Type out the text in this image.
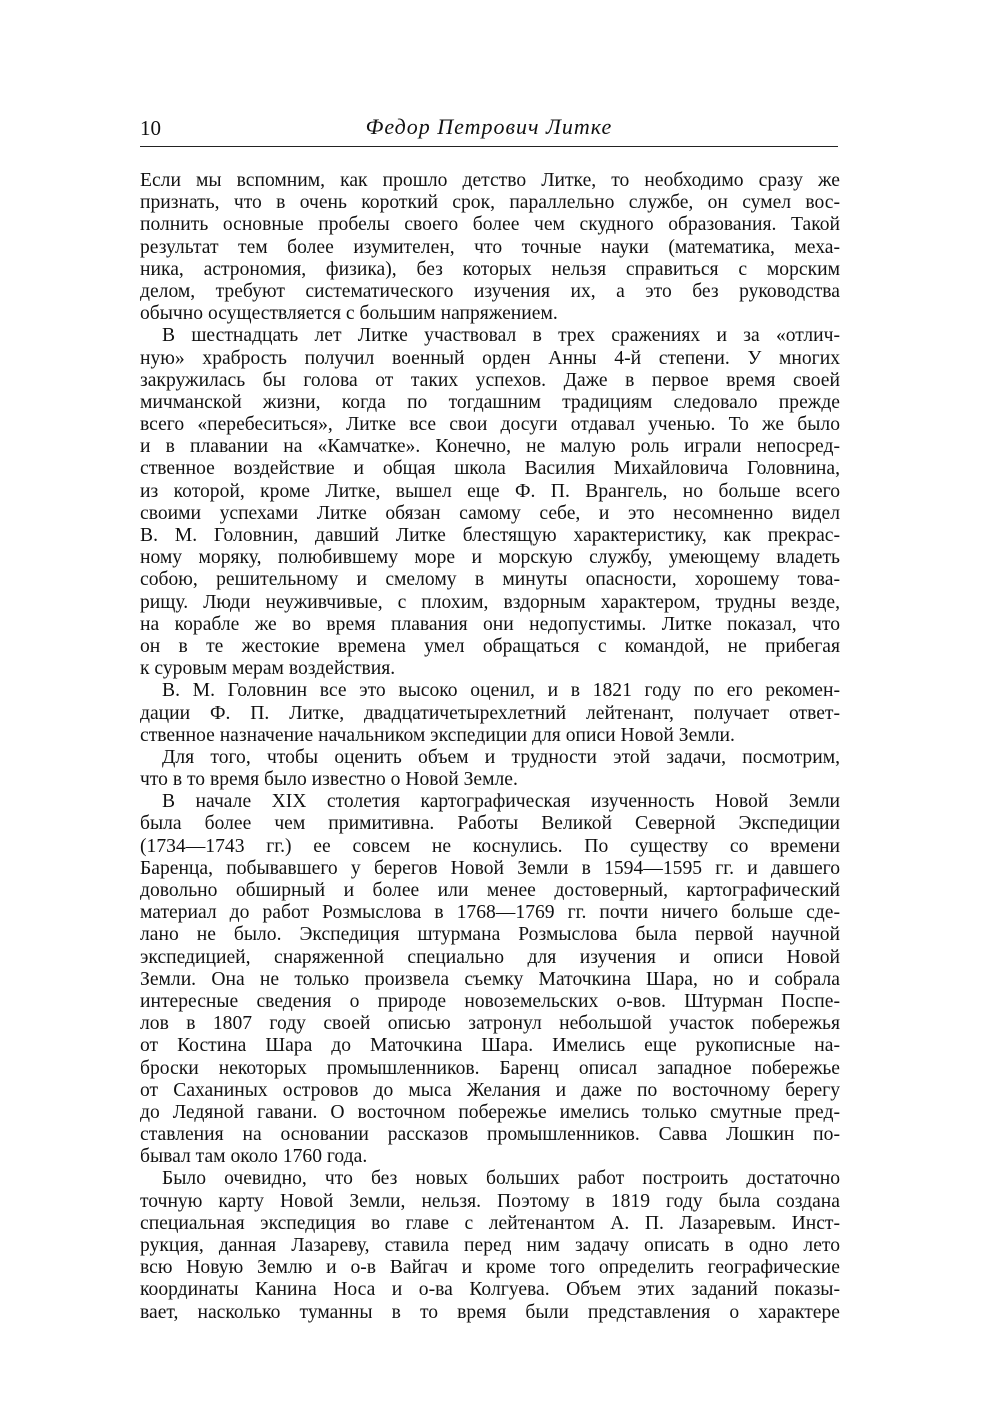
10	Федор Петрович Литке
Если мы вспомним, как прошло детство Литке, то необходимо сразу же
признать, что в очень короткий срок, параллельно службе, он сумел вос-
полнить основные пробелы своего более чем скудного образования. Такой
результат тем более изумителен, что точные науки (математика, меха-
ника, астрономия, физика), без которых нельзя справиться с морским
делом, требуют систематического изучения их, а это без руководства
обычно осуществляется с большим напряжением.
В шестнадцать лет Литке участвовал в трех сражениях и за «отлич-
ную» храбрость получил военный орден Анны 4-й степени. У многих
закружилась бы голова от таких успехов. Даже в первое время своей
мичманской жизни, когда по тогдашним традициям следовало прежде
всего «перебеситься», Литке все свои досуги отдавал ученью. То же было
и в плавании на «Камчатке». Конечно, не малую роль играли непосред-
ственное воздействие и общая школа Василия Михайловича Головнина,
из которой, кроме Литке, вышел еще Ф. П. Врангель, но больше всего
своими успехами Литке обязан самому себе, и это несомненно видел
В. М. Головнин, давший Литке блестящую характеристику, как прекрас-
ному моряку, полюбившему море и морскую службу, умеющему владеть
собою, решительному и смелому в минуты опасности, хорошему това-
рищу. Люди неуживчивые, с плохим, вздорным характером, трудны везде,
на корабле же во время плавания они недопустимы. Литке показал, что
он в те жестокие времена умел обращаться с командой, не прибегая
к суровым мерам воздействия.
В. М. Головнин все это высоко оценил, и в 1821 году по его рекомен-
дации Ф. П. Литке, двадцатичетырехлетний лейтенант, получает ответ-
ственное назначение начальником экспедиции для описи Новой Земли.
Для того, чтобы оценить объем и трудности этой задачи, посмотрим,
что в то время было известно о Новой Земле.
В начале XIX столетия картографическая изученность Новой Земли
была более чем примитивна. Работы Великой Северной Экспедиции
(1734—1743 гг.) ее совсем не коснулись. По существу со времени
Баренца, побывавшего у берегов Новой Земли в 1594—1595 гг. и давшего
довольно обширный и более или менее достоверный, картографический
материал до работ Розмыслова в 1768—1769 гг. почти ничего больше сде-
лано не было. Экспедиция штурмана Розмыслова была первой научной
экспедицией, снаряженной специально для изучения и описи Новой
Земли. Она не только произвела съемку Маточкина Шара, но и собрала
интересные сведения о природе новоземельских о-вов. Штурман Поспе-
лов в 1807 году своей описью затронул небольшой участок побережья
от Костина Шара до Маточкина Шара. Имелись еще рукописные на-
броски некоторых промышленников. Баренц описал западное побережье
от Саханиных островов до мыса Желания и даже по восточному берегу
до Ледяной гавани. О восточном побережье имелись только смутные пред-
ставления на основании рассказов промышленников. Савва Лошкин по-
бывал там около 1760 года.
Было очевидно, что без новых больших работ построить достаточно
точную карту Новой Земли, нельзя. Поэтому в 1819 году была создана
специальная экспедиция во главе с лейтенантом А. П. Лазаревым. Инст-
рукция, данная Лазареву, ставила перед ним задачу описать в одно лето
всю Новую Землю и о-в Вайгач и кроме того определить географические
координаты Канина Носа и о-ва Колгуева. Объем этих заданий показы-
вает, насколько туманны в то время были представления о характере
